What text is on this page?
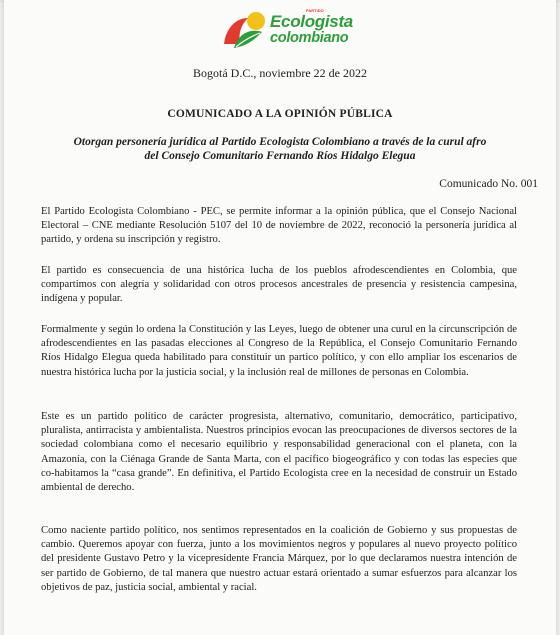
PARTIDO
Ecologista
colombiano
Bogotá D.C., noviembre 22 de 2022
COMUNICADO A LA OPINIÓN PÚBLICA
Otorgan personería jurídica al Partido Ecologista Colombiano a través de la curul afro del Consejo Comunitario Fernando Ríos Hidalgo Elegua
Comunicado No. 001
El Partido Ecologista Colombiano - PEC, se permite informar a la opinión pública, que el Consejo Nacional Electoral – CNE mediante Resolución 5107 del 10 de noviembre de 2022, reconoció la personería jurídica al partido, y ordena su inscripción y registro.
El partido es consecuencia de una histórica lucha de los pueblos afrodescendientes en Colombia, que compartimos con alegría y solidaridad con otros procesos ancestrales de presencia y resistencia campesina, indígena y popular.
Formalmente y según lo ordena la Constitución y las Leyes, luego de obtener una curul en la circunscripción de afrodescendientes en las pasadas elecciones al Congreso de la República, el Consejo Comunitario Fernando Ríos Hidalgo Elegua queda habilitado para constituir un partico político, y con ello ampliar los escenarios de nuestra histórica lucha por la justicia social, y la inclusión real de millones de personas en Colombia.
Este es un partido político de carácter progresista, alternativo, comunitario, democrático, participativo, pluralista, antirracista y ambientalista. Nuestros principios evocan las preocupaciones de diversos sectores de la sociedad colombiana como el necesario equilibrio y responsabilidad generacional con el planeta, con la Amazonía, con la Ciénaga Grande de Santa Marta, con el pacífico biogeográfico y con todas las especies que co-habitamos la “casa grande”. En definitiva, el Partido Ecologista cree en la necesidad de construir un Estado ambiental de derecho.
Como naciente partido político, nos sentimos representados en la coalición de Gobierno y sus propuestas de cambio. Queremos apoyar con fuerza, junto a los movimientos negros y populares al nuevo proyecto político del presidente Gustavo Petro y la vicepresidente Francia Márquez, por lo que declaramos nuestra intención de ser partido de Gobierno, de tal manera que nuestro actuar estará orientado a sumar esfuerzos para alcanzar los objetivos de paz, justicia social, ambiental y racial.
